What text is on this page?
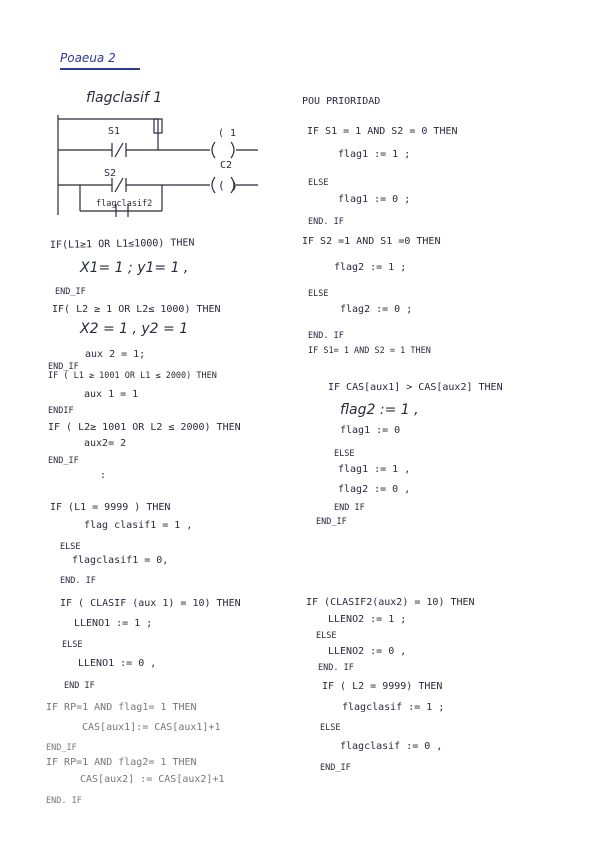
Poaeua 2
flagclasif 1
S1	( 1
S2
C2
( )
flagclasif2
IF(L1≥1 OR L1≤1000) THEN
X1= 1 ; y1= 1 ,
END_IF
IF( L2 ≥ 1 OR L2≤ 1000) THEN
X2 = 1 , y2 = 1
aux 2 = 1;
END_IF
IF ( L1 ≥ 1001 OR L1 ≤ 2000) THEN
aux 1 = 1
ENDIF
IF ( L2≥ 1001 OR L2 ≤ 2000) THEN
aux2= 2
END_IF
:
IF (L1 = 9999 ) THEN
flag clasif1 = 1 ,
ELSE
flagclasif1 = 0,
END. IF
IF ( CLASIF (aux 1) = 10) THEN
LLENO1 := 1 ;
ELSE
LLENO1 := 0 ,
END IF
IF RP=1 AND flag1= 1 THEN
CAS[aux1]:= CAS[aux1]+1
END_IF
IF RP=1 AND flag2= 1 THEN
CAS[aux2] := CAS[aux2]+1
END. IF
POU PRIORIDAD
IF S1 = 1 AND S2 = 0 THEN
flag1 := 1 ;
ELSE
flag1 := 0 ;
END. IF
IF S2 =1 AND S1 =0 THEN
flag2 := 1 ;
ELSE
flag2 := 0 ;
END. IF
IF S1= 1 AND S2 = 1 THEN
IF CAS[aux1] > CAS[aux2] THEN
flag2 := 1 ,
flag1 := 0
ELSE
flag1 := 1 ,
flag2 := 0 ,
END IF
END_IF
IF (CLASIF2(aux2) = 10) THEN
LLENO2 := 1 ;
ELSE
LLENO2 := 0 ,
END. IF
IF ( L2 = 9999) THEN
flagclasif := 1 ;
ELSE
flagclasif := 0 ,
END_IF
